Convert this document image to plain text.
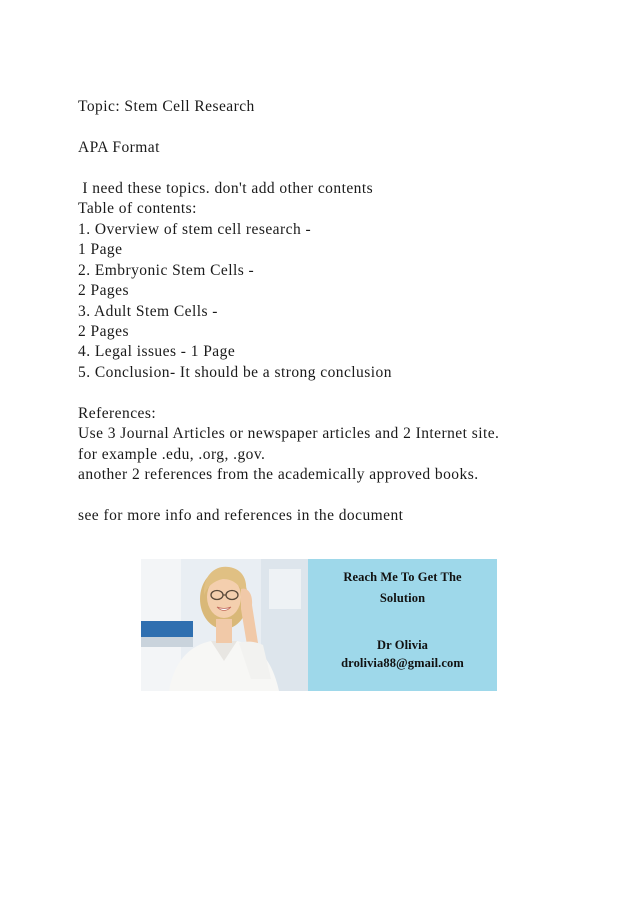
Topic: Stem Cell Research
APA Format
I need these topics. don't add other contents
Table of contents:
1. Overview of stem cell research -
1 Page
2. Embryonic Stem Cells -
2 Pages
3. Adult Stem Cells -
2 Pages
4. Legal issues - 1 Page
5. Conclusion- It should be a strong conclusion
References:
Use 3 Journal Articles or newspaper articles and 2 Internet site.
for example .edu, .org, .gov.
another 2 references from the academically approved books.
see for more info and references in the document
Reach Me To Get The
Solution
Dr Olivia
drolivia88@gmail.com
